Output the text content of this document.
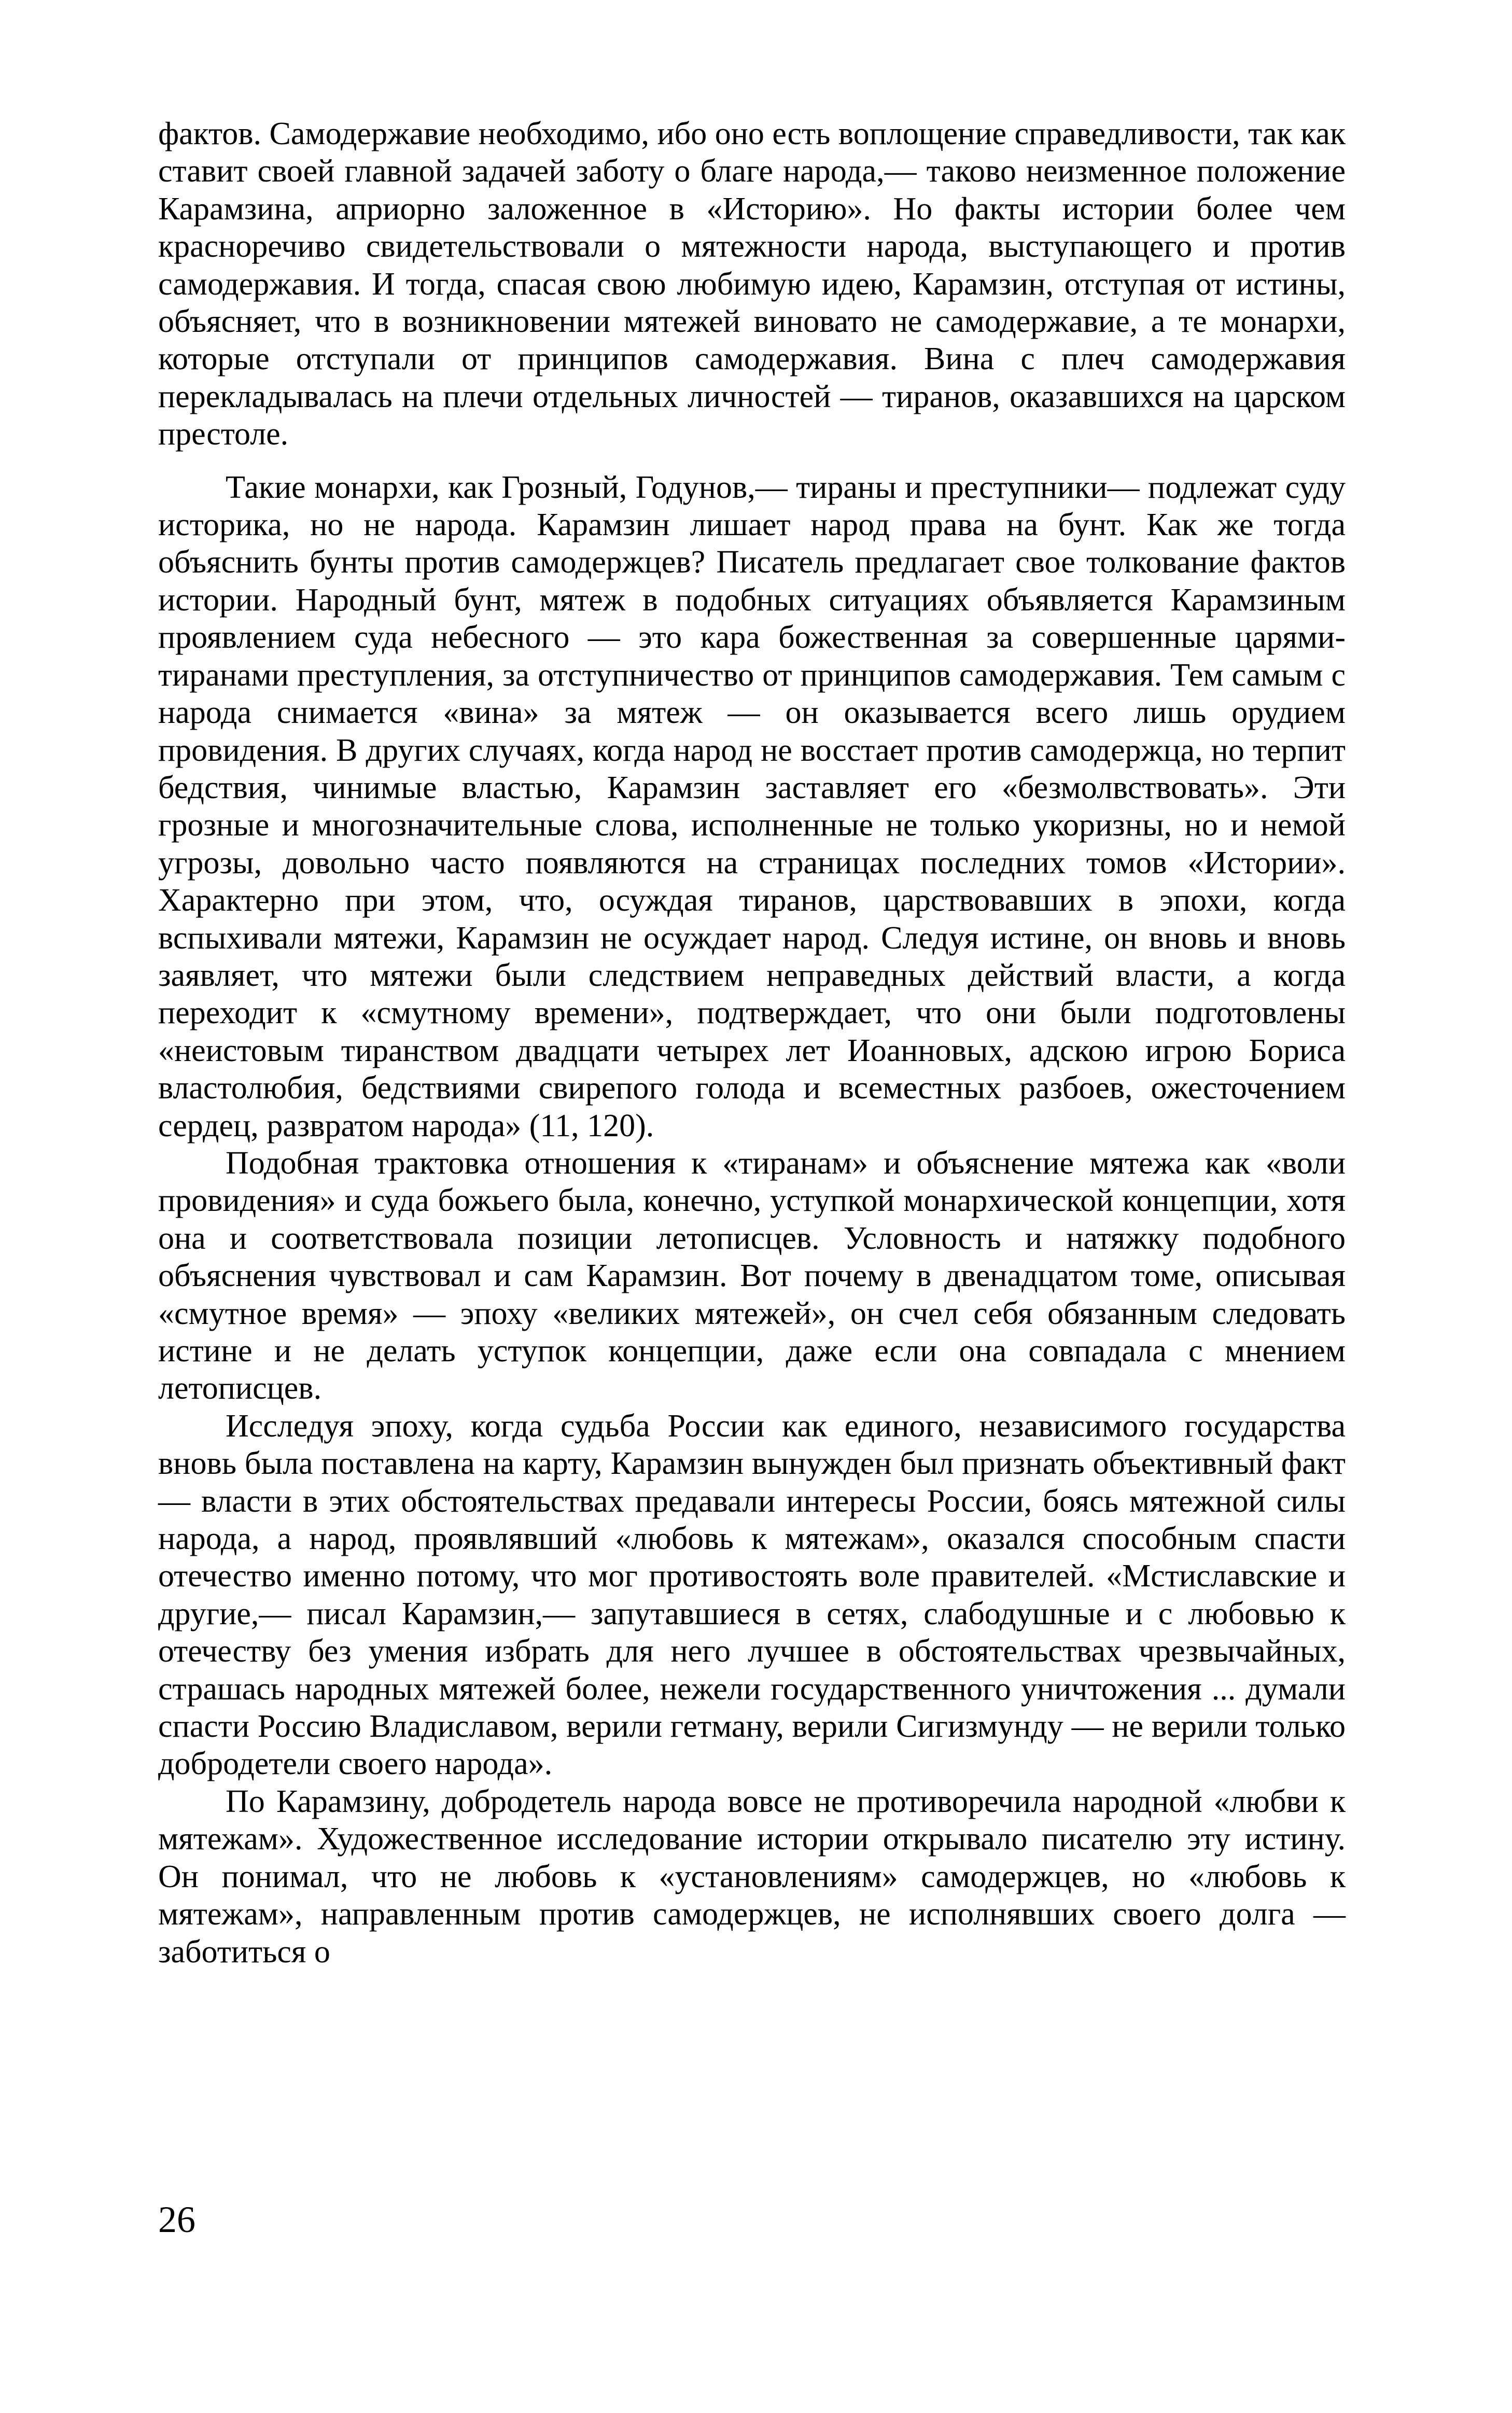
фактов. Самодержавие необходимо, ибо оно есть воплощение справедливости, так как ставит своей главной задачей заботу о благе народа,— таково неизменное положение Карамзина, априорно заложенное в «Историю». Но факты истории более чем красноречиво свидетельствовали о мятежности народа, выступающего и против самодержавия. И тогда, спасая свою любимую идею, Карамзин, отступая от истины, объясняет, что в возникновении мятежей виновато не самодержавие, а те монархи, которые отступали от принципов самодержавия. Вина с плеч самодержавия перекладывалась на плечи отдельных личностей — тиранов, оказавшихся на царском престоле.

Такие монархи, как Грозный, Годунов,— тираны и преступники— подлежат суду историка, но не народа. Карамзин лишает народ права на бунт. Как же тогда объяснить бунты против самодержцев? Писатель предлагает свое толкование фактов истории. Народный бунт, мятеж в подобных ситуациях объявляется Карамзиным проявлением суда небесного — это кара божественная за совершенные царями-тиранами преступления, за отступничество от принципов самодержавия. Тем самым с народа снимается «вина» за мятеж — он оказывается всего лишь орудием провидения. В других случаях, когда народ не восстает против самодержца, но терпит бедствия, чинимые властью, Карамзин заставляет его «безмолвствовать». Эти грозные и многозначительные слова, исполненные не только укоризны, но и немой угрозы, довольно часто появляются на страницах последних томов «Истории». Характерно при этом, что, осуждая тиранов, царствовавших в эпохи, когда вспыхивали мятежи, Карамзин не осуждает народ. Следуя истине, он вновь и вновь заявляет, что мятежи были следствием неправедных действий власти, а когда переходит к «смутному времени», подтверждает, что они были подготовлены «неистовым тиранством двадцати четырех лет Иоанновых, адскою игрою Бориса властолюбия, бедствиями свирепого голода и всеместных разбоев, ожесточением сердец, развратом народа» (11, 120).

Подобная трактовка отношения к «тиранам» и объяснение мятежа как «воли провидения» и суда божьего была, конечно, уступкой монархической концепции, хотя она и соответствовала позиции летописцев. Условность и натяжку подобного объяснения чувствовал и сам Карамзин. Вот почему в двенадцатом томе, описывая «смутное время» — эпоху «великих мятежей», он счел себя обязанным следовать истине и не делать уступок концепции, даже если она совпадала с мнением летописцев.

Исследуя эпоху, когда судьба России как единого, независимого государства вновь была поставлена на карту, Карамзин вынужден был признать объективный факт — власти в этих обстоятельствах предавали интересы России, боясь мятежной силы народа, а народ, проявлявший «любовь к мятежам», оказался способным спасти отечество именно потому, что мог противостоять воле правителей. «Мстиславские и другие,— писал Карамзин,— запутавшиеся в сетях, слабодушные и с любовью к отечеству без умения избрать для него лучшее в обстоятельствах чрезвычайных, страшась народных мятежей более, нежели государственного уничтожения ... думали спасти Россию Владиславом, верили гетману, верили Сигизмунду — не верили только добродетели своего народа».

По Карамзину, добродетель народа вовсе не противоречила народной «любви к мятежам». Художественное исследование истории открывало писателю эту истину. Он понимал, что не любовь к «установлениям» самодержцев, но «любовь к мятежам», направленным против самодержцев, не исполнявших своего долга — заботиться о

26
